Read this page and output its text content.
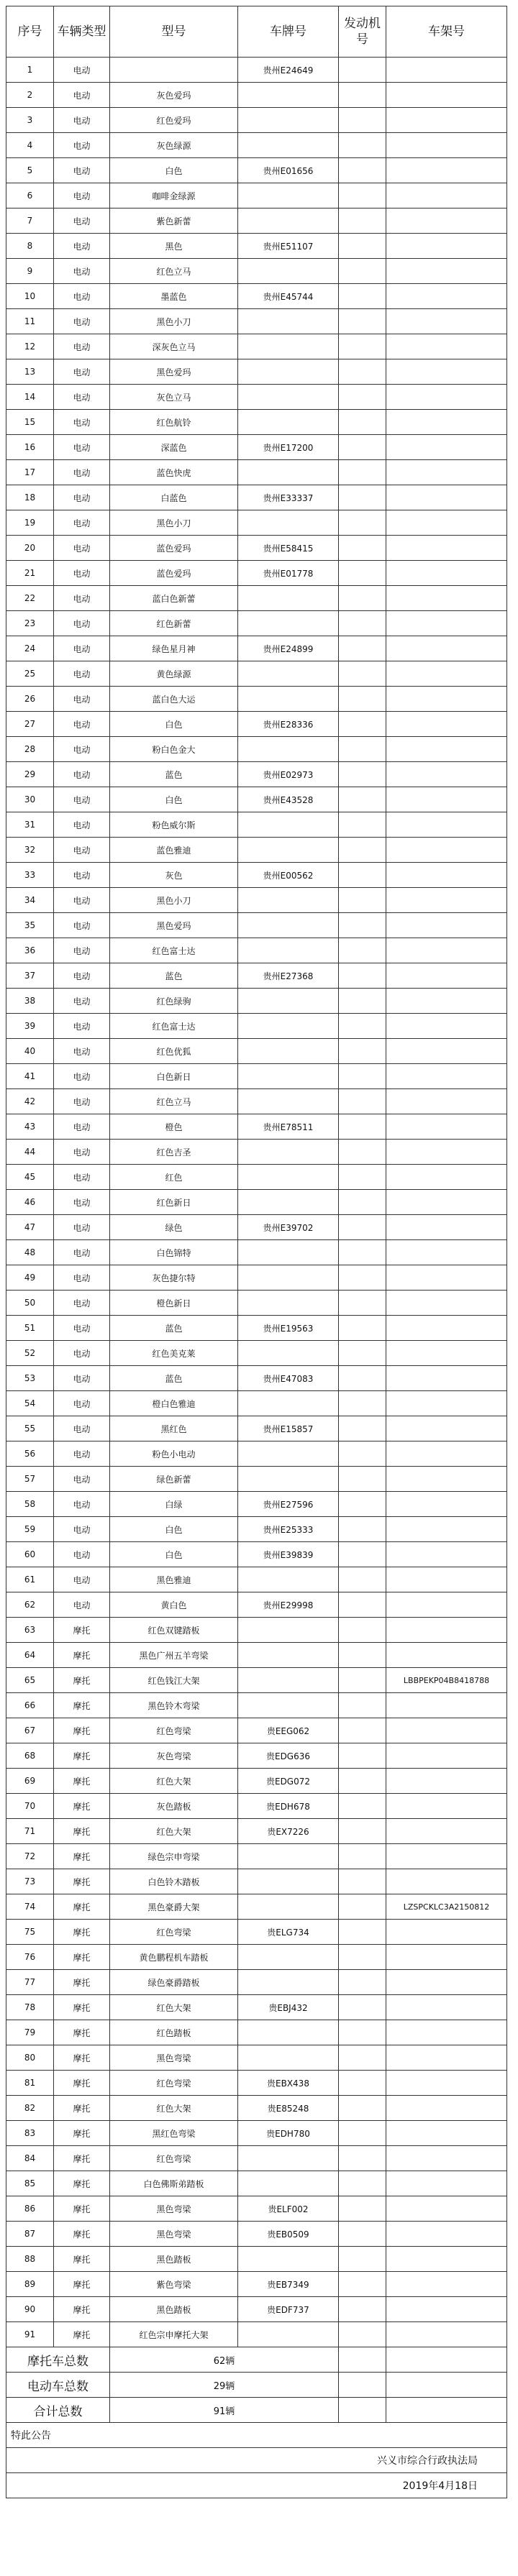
序号	车辆类型	型号	车牌号	发动机号	车架号
1	电动		贵州E24649		
2	电动	灰色爱玛			
3	电动	红色爱玛			
4	电动	灰色绿源			
5	电动	白色	贵州E01656		
6	电动	咖啡金绿源			
7	电动	紫色新蕾			
8	电动	黑色	贵州E51107		
9	电动	红色立马			
10	电动	墨蓝色	贵州E45744		
11	电动	黑色小刀			
12	电动	深灰色立马			
13	电动	黑色爱玛			
14	电动	灰色立马			
15	电动	红色航铃			
16	电动	深蓝色	贵州E17200		
17	电动	蓝色快虎			
18	电动	白蓝色	贵州E33337		
19	电动	黑色小刀			
20	电动	蓝色爱玛	贵州E58415		
21	电动	蓝色爱玛	贵州E01778		
22	电动	蓝白色新蕾			
23	电动	红色新蕾			
24	电动	绿色星月神	贵州E24899		
25	电动	黄色绿源			
26	电动	蓝白色大运			
27	电动	白色	贵州E28336		
28	电动	粉白色金大			
29	电动	蓝色	贵州E02973		
30	电动	白色	贵州E43528		
31	电动	粉色威尔斯			
32	电动	蓝色雅迪			
33	电动	灰色	贵州E00562		
34	电动	黑色小刀			
35	电动	黑色爱玛			
36	电动	红色富士达			
37	电动	蓝色	贵州E27368		
38	电动	红色绿驹			
39	电动	红色富士达			
40	电动	红色优狐			
41	电动	白色新日			
42	电动	红色立马			
43	电动	橙色	贵州E78511		
44	电动	红色吉圣			
45	电动	红色			
46	电动	红色新日			
47	电动	绿色	贵州E39702		
48	电动	白色锦特			
49	电动	灰色捷尔特			
50	电动	橙色新日			
51	电动	蓝色	贵州E19563		
52	电动	红色美克莱			
53	电动	蓝色	贵州E47083		
54	电动	橙白色雅迪			
55	电动	黑红色	贵州E15857		
56	电动	粉色小电动			
57	电动	绿色新蕾			
58	电动	白绿	贵州E27596		
59	电动	白色	贵州E25333		
60	电动	白色	贵州E39839		
61	电动	黑色雅迪			
62	电动	黄白色	贵州E29998		
63	摩托	红色双键踏板			
64	摩托	黑色广州五羊弯梁			
65	摩托	红色钱江大架			LBBPEKP04B8418788
66	摩托	黑色铃木弯梁			
67	摩托	红色弯梁	贵EEG062		
68	摩托	灰色弯梁	贵EDG636		
69	摩托	红色大架	贵EDG072		
70	摩托	灰色踏板	贵EDH678		
71	摩托	红色大架	贵EX7226		
72	摩托	绿色宗申弯梁			
73	摩托	白色铃木踏板			
74	摩托	黑色豪爵大架			LZSPCKLC3A2150812
75	摩托	红色弯梁	贵ELG734		
76	摩托	黄色鹏程机车踏板			
77	摩托	绿色豪爵踏板			
78	摩托	红色大架	贵EBJ432		
79	摩托	红色踏板			
80	摩托	黑色弯梁			
81	摩托	红色弯梁	贵EBX438		
82	摩托	红色大架	贵E85248		
83	摩托	黑红色弯梁	贵EDH780		
84	摩托	红色弯梁			
85	摩托	白色佛斯弟踏板			
86	摩托	黑色弯梁	贵ELF002		
87	摩托	黑色弯梁	贵EB0509		
88	摩托	黑色踏板			
89	摩托	紫色弯梁	贵EB7349		
90	摩托	黑色踏板	贵EDF737		
91	摩托	红色宗申摩托大架			
摩托车总数		62辆			
电动车总数		29辆			
合计总数		91辆			
特此公告					
兴义市综合行政执法局					
2019年4月18日					
